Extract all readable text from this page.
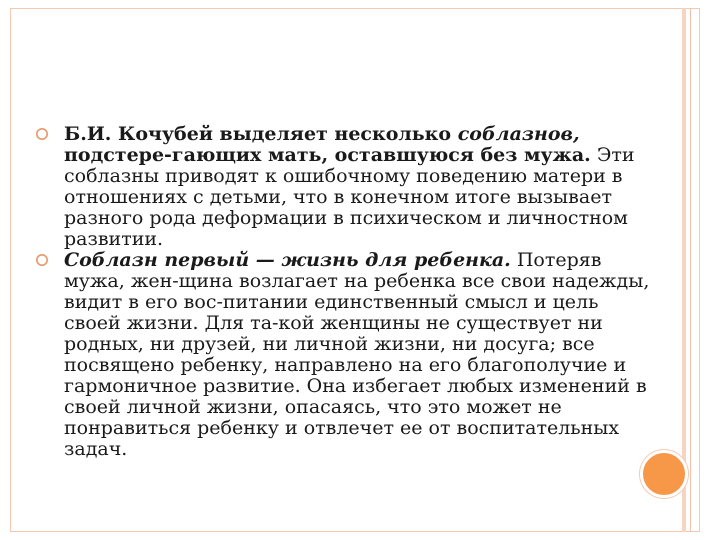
Б.И. Кочубей выделяет несколько соблазнов, подстере-гающих мать, оставшуюся без мужа. Эти соблазны приводят к ошибочному поведению матери в отношениях с детьми, что в конечном итоге вызывает разного рода деформации в психическом и личностном развитии.
Соблазн первый — жизнь для ребенка. Потеряв мужа, жен-щина возлагает на ребенка все свои надежды, видит в его вос-питании единственный смысл и цель своей жизни. Для та-кой женщины не существует ни родных, ни друзей, ни личной жизни, ни досуга; все посвящено ребенку, направлено на его благополучие и гармоничное развитие. Она избегает любых изменений в своей личной жизни, опасаясь, что это может не понравиться ребенку и отвлечет ее от воспитательных задач.
